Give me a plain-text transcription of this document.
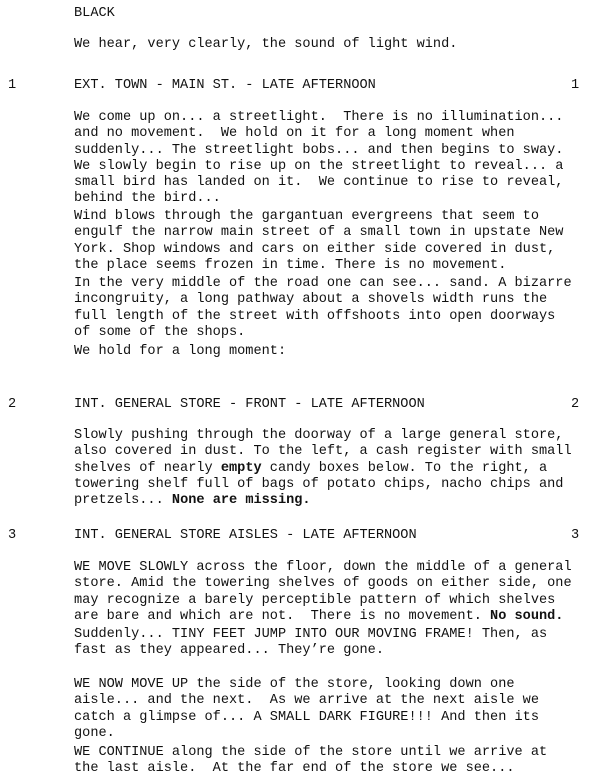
BLACK
We hear, very clearly, the sound of light wind.
1	EXT. TOWN - MAIN ST. - LATE AFTERNOON	1

We come up on... a streetlight.  There is no illumination...

and no movement.  We hold on it for a long moment when

suddenly... The streetlight bobs... and then begins to sway.

We slowly begin to rise up on the streetlight to reveal... a

small bird has landed on it.  We continue to rise to reveal,

behind the bird...

Wind blows through the gargantuan evergreens that seem to

engulf the narrow main street of a small town in upstate New

York. Shop windows and cars on either side covered in dust,

the place seems frozen in time. There is no movement.

In the very middle of the road one can see... sand. A bizarre

incongruity, a long pathway about a shovels width runs the

full length of the street with offshoots into open doorways

of some of the shops.

We hold for a long moment:

2	INT. GENERAL STORE - FRONT - LATE AFTERNOON	2

Slowly pushing through the doorway of a large general store,

also covered in dust. To the left, a cash register with small

shelves of nearly empty candy boxes below. To the right, a

towering shelf full of bags of potato chips, nacho chips and

pretzels... None are missing.

3	INT. GENERAL STORE AISLES - LATE AFTERNOON	3

WE MOVE SLOWLY across the floor, down the middle of a general

store. Amid the towering shelves of goods on either side, one

may recognize a barely perceptible pattern of which shelves

are bare and which are not.  There is no movement. No sound.

Suddenly... TINY FEET JUMP INTO OUR MOVING FRAME! Then, as

fast as they appeared... They’re gone.

WE NOW MOVE UP the side of the store, looking down one

aisle... and the next.  As we arrive at the next aisle we

catch a glimpse of... A SMALL DARK FIGURE!!! And then its

gone.

WE CONTINUE along the side of the store until we arrive at

the last aisle.  At the far end of the store we see...
